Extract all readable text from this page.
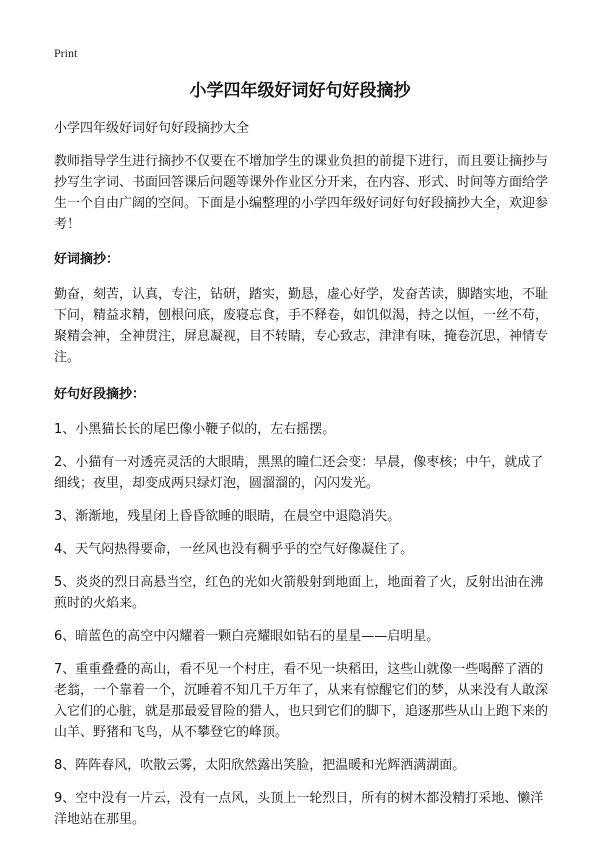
Print
小学四年级好词好句好段摘抄

小学四年级好词好句好段摘抄大全

教师指导学生进行摘抄不仅要在不增加学生的课业负担的前提下进行，而且要让摘抄与抄写生字词、书面回答课后问题等课外作业区分开来，在内容、形式、时间等方面给学生一个自由广阔的空间。下面是小编整理的小学四年级好词好句好段摘抄大全，欢迎参考！

好词摘抄：

勤奋，刻苦，认真，专注，钻研，踏实，勤恳，虚心好学，发奋苦读，脚踏实地，不耻下问，精益求精，刨根问底，废寝忘食，手不释卷，如饥似渴，持之以恒，一丝不苟，聚精会神，全神贯注，屏息凝视，目不转睛，专心致志，津津有味，掩卷沉思，神情专注。

好句好段摘抄：

1、小黑猫长长的尾巴像小鞭子似的，左右摇摆。

2、小猫有一对透亮灵活的大眼睛，黑黑的瞳仁还会变：早晨，像枣核；中午，就成了细线；夜里，却变成两只绿灯泡，圆溜溜的，闪闪发光。

3、渐渐地，残星闭上昏昏欲睡的眼睛，在晨空中退隐消失。

4、天气闷热得要命，一丝风也没有稠乎乎的空气好像凝住了。

5、炎炎的烈日高悬当空，红色的光如火箭般射到地面上，地面着了火，反射出油在沸煎时的火焰来。

6、暗蓝色的高空中闪耀着一颗白亮耀眼如钻石的星星——启明星。

7、重重叠叠的高山，看不见一个村庄，看不见一块稻田，这些山就像一些喝醉了酒的老翁，一个靠着一个，沉睡着不知几千万年了，从来有惊醒它们的梦，从来没有人敢深入它们的心脏，就是那最爱冒险的猎人，也只到它们的脚下，追逐那些从山上跑下来的山羊、野猪和飞鸟，从不攀登它的峰顶。

8、阵阵春风，吹散云雾，太阳欣然露出笑脸，把温暖和光辉洒满湖面。

9、空中没有一片云，没有一点风，头顶上一轮烈日，所有的树木都没精打采地、懒洋洋地站在那里。
